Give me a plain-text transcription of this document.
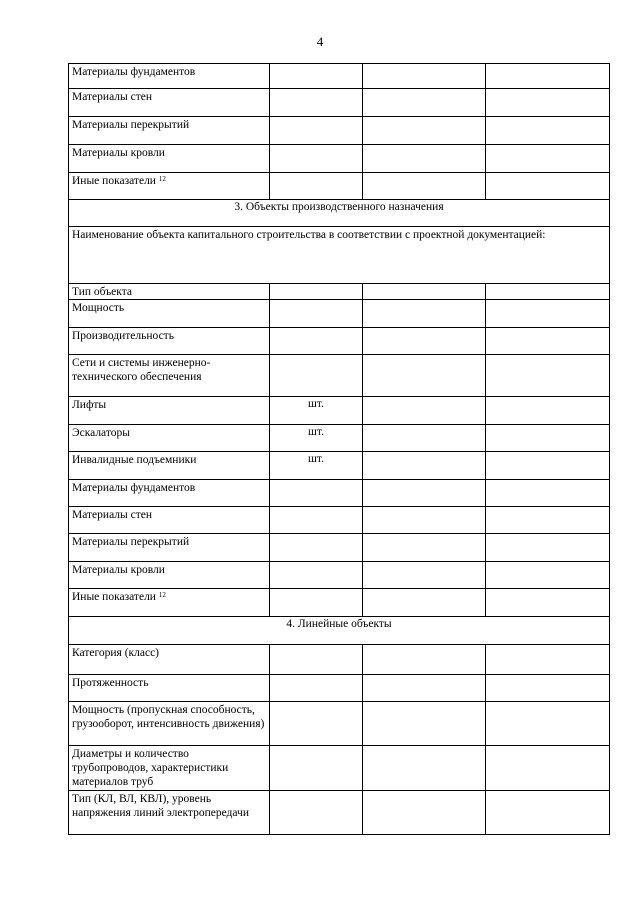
4
Материалы фундаментов			

Материалы стен			

Материалы перекрытий			

Материалы кровли			

Иные показатели $^{12}$			
3. Объекты производственного назначения			

Наименование объекта капитального строительства в соответствии с проектной документацией:			

Тип объекта			

Мощность			

Производительность			

Сети и системы инженерно-технического обеспечения			

Лифты	шт.		

Эскалаторы	шт.		

Инвалидные подъемники	шт.		

Материалы фундаментов			

Материалы стен			

Материалы перекрытий			

Материалы кровли			

Иные показатели $^{12}$			
4. Линейные объекты			

Категория (класс)			

Протяженность			

Мощность (пропускная способность, грузооборот, интенсивность движения)			

Диаметры и количество трубопроводов, характеристики материалов труб			

Тип (КЛ, ВЛ, КВЛ), уровень напряжения линий электропередачи			
